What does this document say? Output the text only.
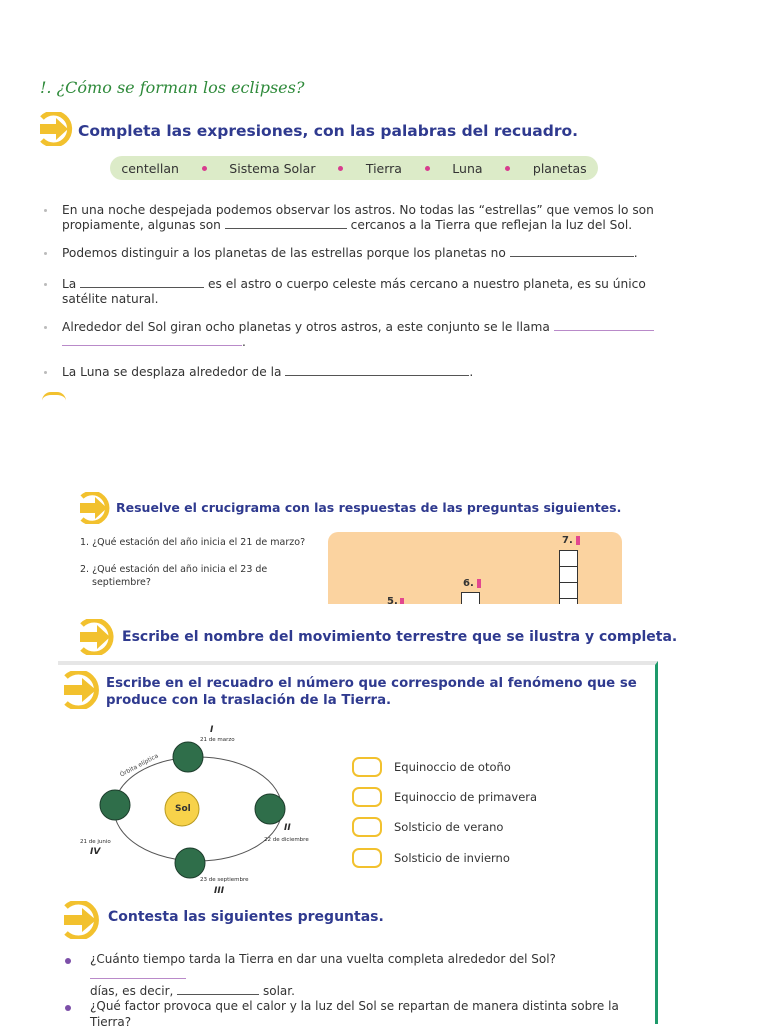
!. ¿Cómo se forman los eclipses?
Completa las expresiones, con las palabras del recuadro.
centellan	Sistema Solar	Tierra	Luna	planetas
En una noche despejada podemos observar los astros. No todas las “estrellas” que vemos lo son
propiamente, algunas son	cercanos a la Tierra que reflejan la luz del Sol.
Podemos distinguir a los planetas de las estrellas porque los planetas no	.
La	es el astro o cuerpo celeste más cercano a nuestro planeta, es su único
satélite natural.
Alrededor del Sol giran ocho planetas y otros astros, a este conjunto se le llama
.
La Luna se desplaza alrededor de la	.
Resuelve el crucigrama con las respuestas de las preguntas siguientes.
1. ¿Qué estación del año inicia el 21 de marzo?
2. ¿Qué estación del año inicia el 23 de
septiembre?
7.
6.
5.
Escribe el nombre del movimiento terrestre que se ilustra y completa.
Escribe en el recuadro el número que corresponde al fenómeno que se
produce con la traslación de la Tierra.
Sol
Órbita elíptica
I
21 de marzo
II
22 de diciembre
III
23 de septiembre
IV
21 de junio
Equinoccio de otoño
Equinoccio de primavera
Solsticio de verano
Solsticio de invierno
Contesta las siguientes preguntas.
¿Cuánto tiempo tarda la Tierra en dar una vuelta completa alrededor del Sol?
días, es decir,	solar.
¿Qué factor provoca que el calor y la luz del Sol se repartan de manera distinta sobre la Tierra?
